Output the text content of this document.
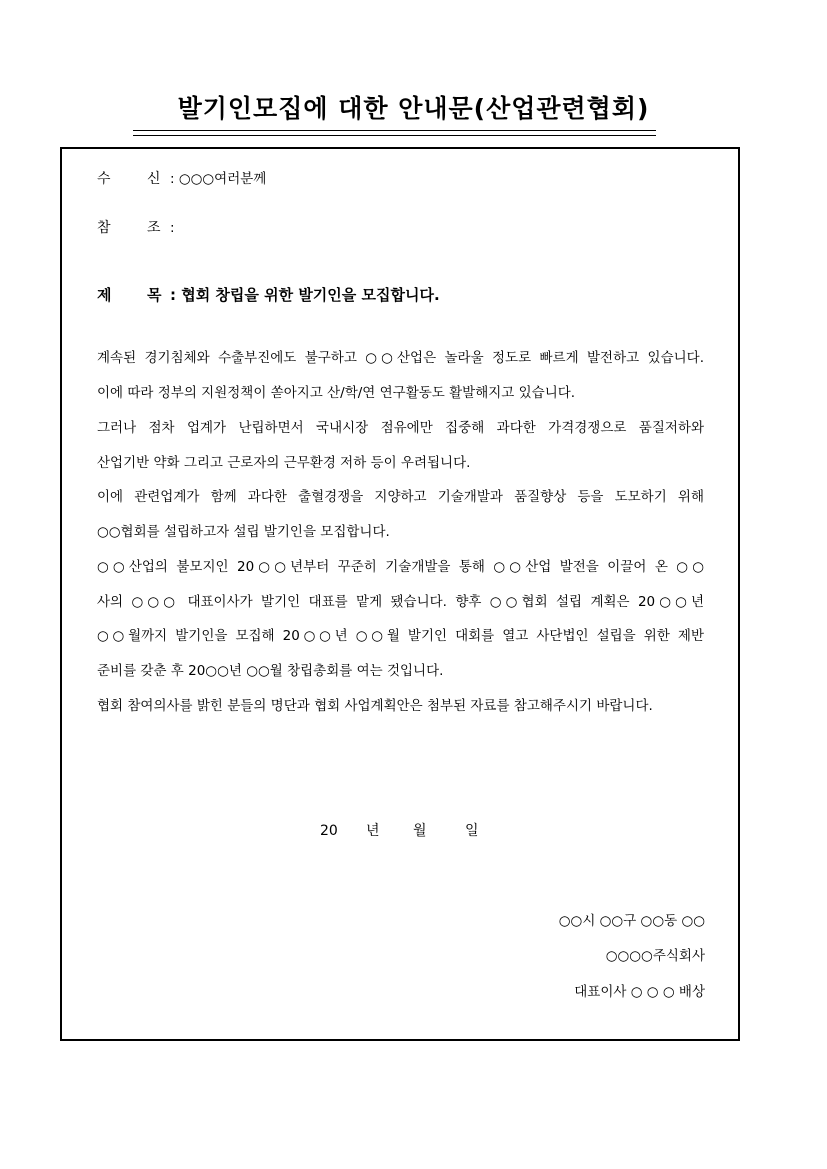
발기인모집에 대한 안내문(산업관련협회)
수	신 : ○○○여러분께
참	조 :
제 목 : 협회 창립을 위한 발기인을 모집합니다.
계속된 경기침체와 수출부진에도 불구하고 ○○산업은 놀라울 정도로 빠르게 발전하고 있습니다.
이에 따라 정부의 지원정책이 쏟아지고 산/학/연 연구활동도 활발해지고 있습니다.
그러나 점차 업계가 난립하면서 국내시장 점유에만 집중해 과다한 가격경쟁으로 품질저하와
산업기반 약화 그리고 근로자의 근무환경 저하 등이 우려됩니다.
이에 관련업계가 함께 과다한 출혈경쟁을 지양하고 기술개발과 품질향상 등을 도모하기 위해
○○협회를 설립하고자 설립 발기인을 모집합니다.
○○산업의 불모지인 20○○년부터 꾸준히 기술개발을 통해 ○○산업 발전을 이끌어 온 ○○
사의 ○○○ 대표이사가 발기인 대표를 맡게 됐습니다. 향후 ○○협회 설립 계획은 20○○년
○○월까지 발기인을 모집해 20○○년 ○○월 발기인 대회를 열고 사단법인 설립을 위한 제반
준비를 갖춘 후 20○○년 ○○월 창립총회를 여는 것입니다.
협회 참여의사를 밝힌 분들의 명단과 협회 사업계획안은 첨부된 자료를 참고해주시기 바랍니다.
20 년 월	일
○○시 ○○구 ○○동 ○○
○○○○주식회사
대표이사 ○ ○ ○ 배상
